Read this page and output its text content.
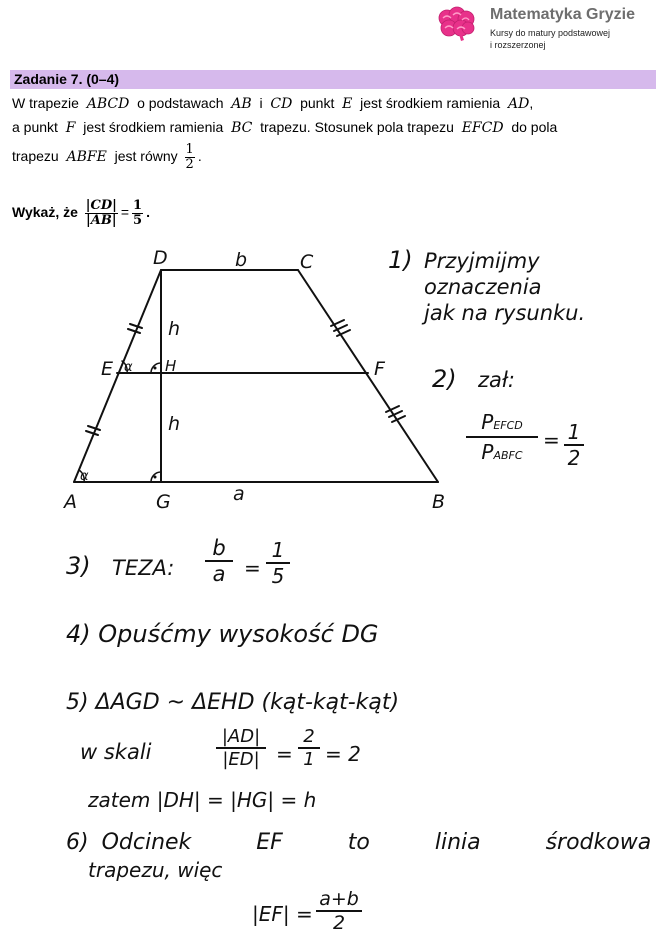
Matematyka Gryzie
Kursy do matury podstawowej
i rozszerzonej
Zadanie 7. (0–4)
W trapezie ABCD o podstawach AB i CD punkt E jest środkiem ramienia AD,
a punkt F jest środkiem ramienia BC trapezu. Stosunek pola trapezu EFCD do pola
trapezu ABFE jest równy $\frac{1}{2}$ .
Wykaż, że $\frac{|CD|}{|AB|} = \frac{1}{5}$ .
α
α
D	C
E	H	F
A	G	B
b
a
h
h
1) Przyjmijmy
oznaczenia
jak na rysunku.
2) zał:
PEFCD
PABFC
= 1
2
3) TEZA:
b
a =
1
5
4) Opuśćmy wysokość DG
5) ΔAGD ~ ΔEHD (kąt-kąt-kąt)
w skali
|AD|
|ED| =
2
1 = 2
zatem |DH| = |HG| = h
6) Odcinek	EF	to	linia	środkowa
trapezu, więc
|EF| =
a+b
2
